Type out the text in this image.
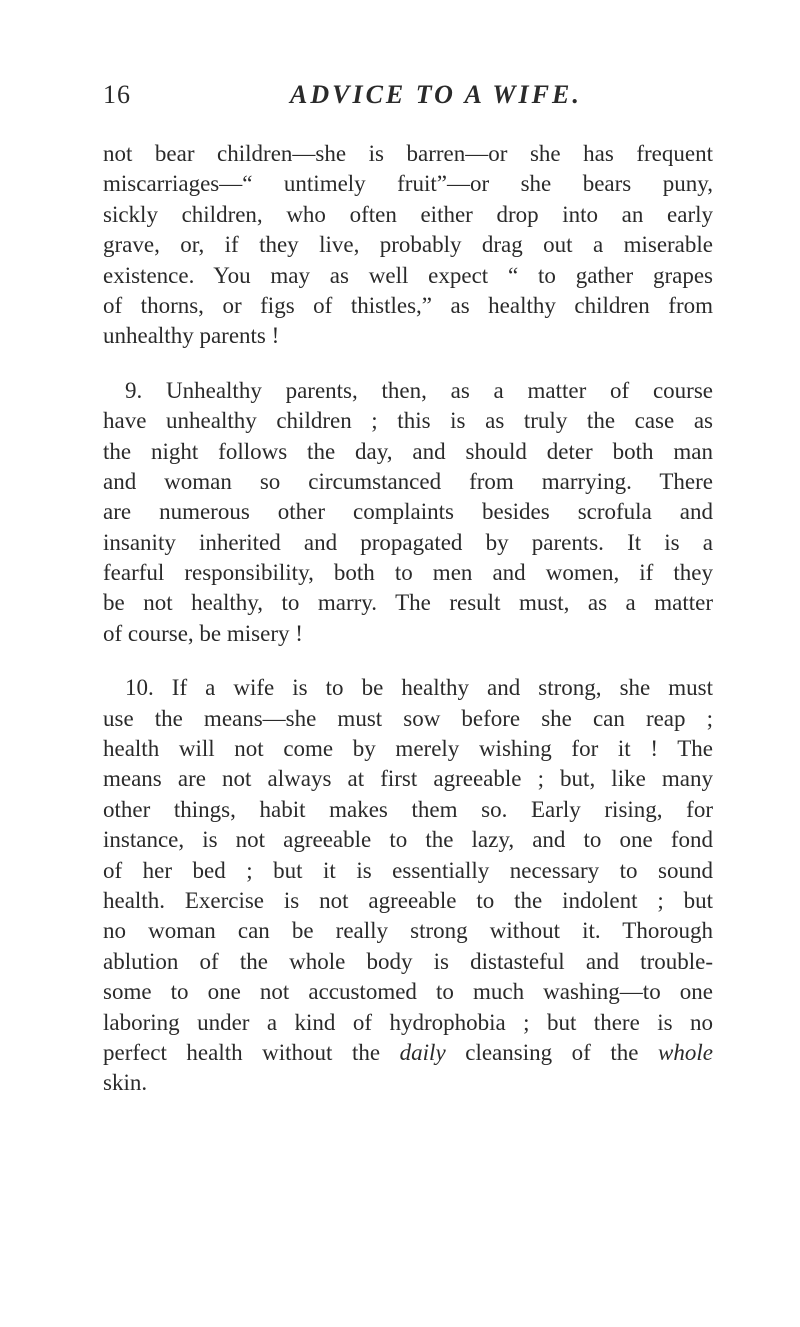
16	ADVICE TO A WIFE.
not bear children—she is barren—or she has frequent
miscarriages—“ untimely fruit”—or she bears puny,
sickly children, who often either drop into an early
grave, or, if they live, probably drag out a miserable
existence. You may as well expect “ to gather grapes
of thorns, or figs of thistles,” as healthy children from
unhealthy parents !
9. Unhealthy parents, then, as a matter of course
have unhealthy children ; this is as truly the case as
the night follows the day, and should deter both man
and woman so circumstanced from marrying. There
are numerous other complaints besides scrofula and
insanity inherited and propagated by parents. It is a
fearful responsibility, both to men and women, if they
be not healthy, to marry. The result must, as a matter
of course, be misery !
10. If a wife is to be healthy and strong, she must
use the means—she must sow before she can reap ;
health will not come by merely wishing for it ! The
means are not always at first agreeable ; but, like many
other things, habit makes them so. Early rising, for
instance, is not agreeable to the lazy, and to one fond
of her bed ; but it is essentially necessary to sound
health. Exercise is not agreeable to the indolent ; but
no woman can be really strong without it. Thorough
ablution of the whole body is distasteful and trouble-
some to one not accustomed to much washing—to one
laboring under a kind of hydrophobia ; but there is no
perfect health without the daily cleansing of the whole
skin.
